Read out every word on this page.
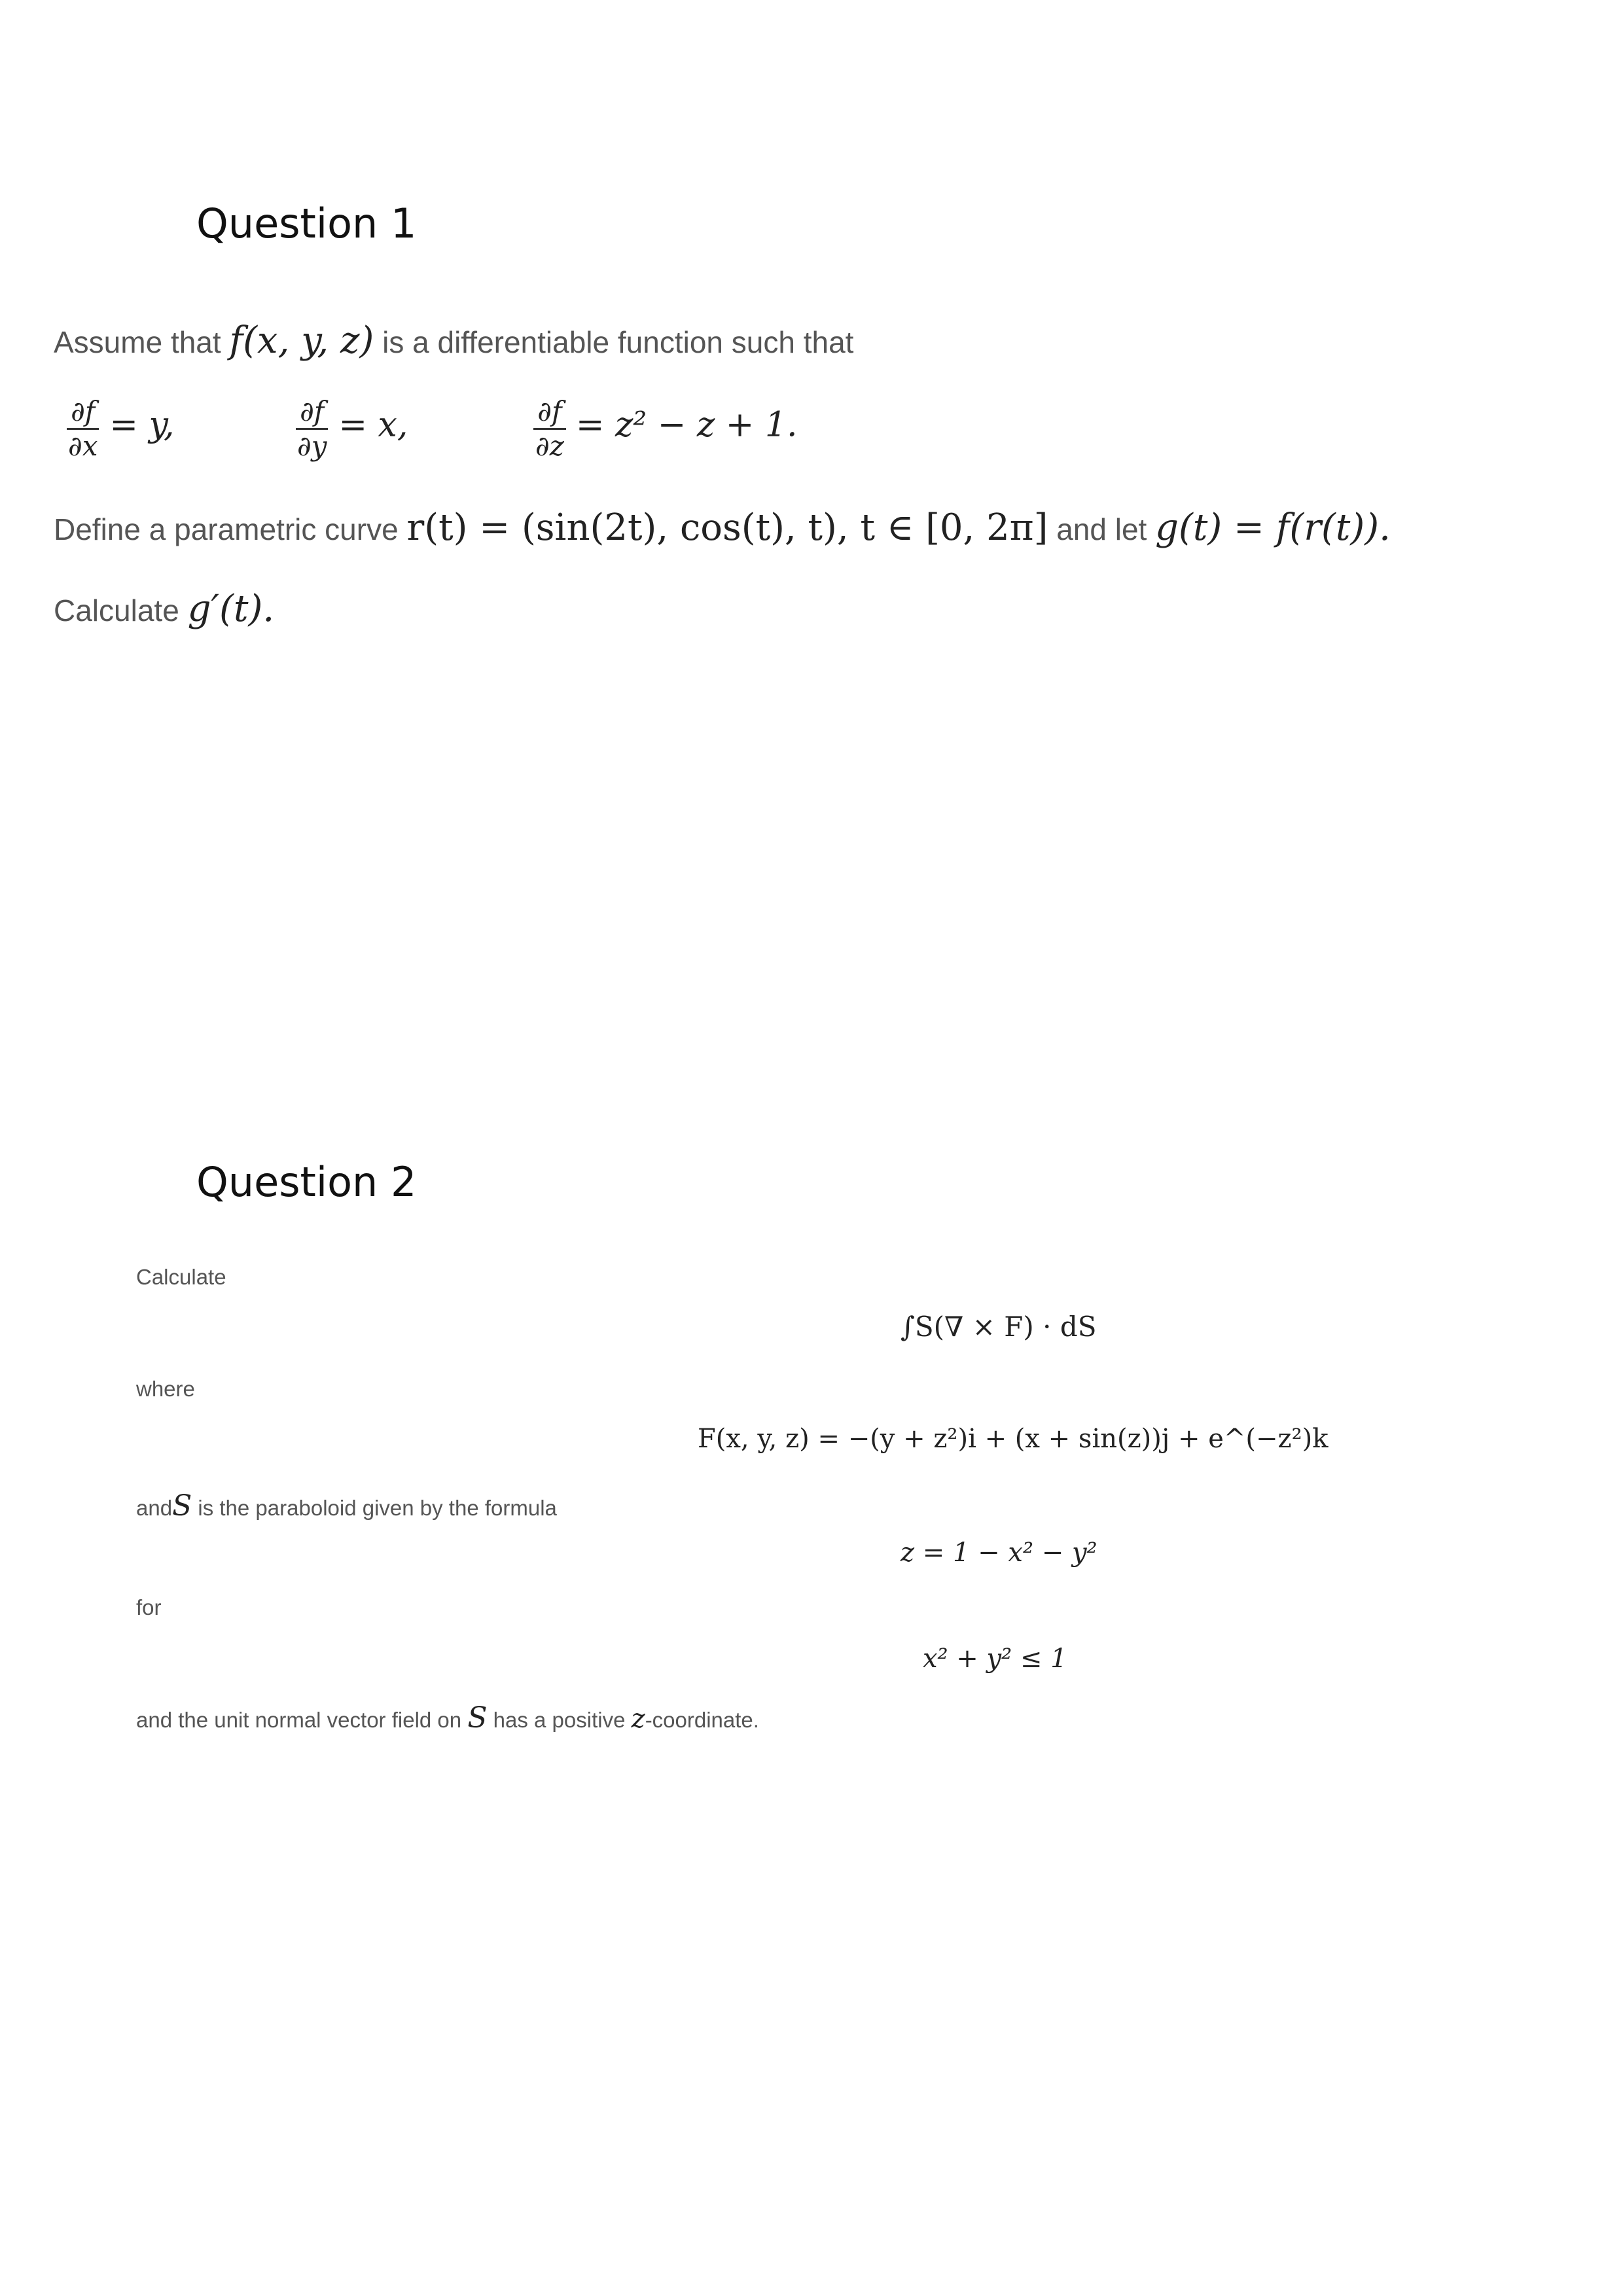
Question 1
Assume that f(x, y, z) is a differentiable function such that
$\frac{\partial f}{\partial x} = y$,	$\frac{\partial f}{\partial y} = x$,	$\frac{\partial f}{\partial z} = z^2 - z + 1$.
Define a parametric curve r(t) = (sin(2t), cos(t), t), t ∈ [0, 2π] and let g(t) = f(r(t)).
Calculate g′(t).
Question 2
Calculate
∫S(∇ × F) · dS
where
F(x, y, z) = −(y + z²)i + (x + sin(z))j + e^(−z²)k
andS is the paraboloid given by the formula
z = 1 − x² − y²
for
x² + y² ≤ 1
and the unit normal vector field on S has a positive z-coordinate.
